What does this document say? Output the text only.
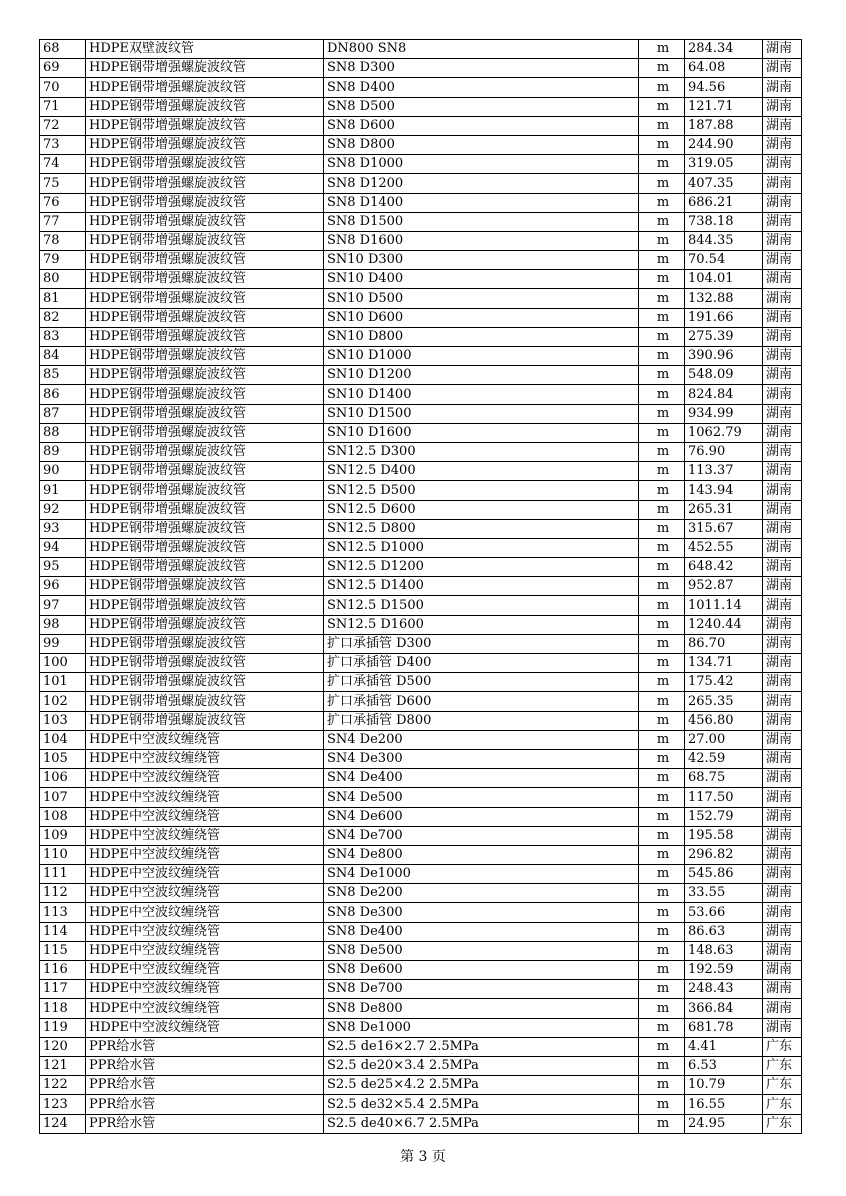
68	HDPE双壁波纹管	DN800 SN8	m	284.34	湖南
69	HDPE钢带增强螺旋波纹管	SN8 D300	m	64.08	湖南
70	HDPE钢带增强螺旋波纹管	SN8 D400	m	94.56	湖南
71	HDPE钢带增强螺旋波纹管	SN8 D500	m	121.71	湖南
72	HDPE钢带增强螺旋波纹管	SN8 D600	m	187.88	湖南
73	HDPE钢带增强螺旋波纹管	SN8 D800	m	244.90	湖南
74	HDPE钢带增强螺旋波纹管	SN8 D1000	m	319.05	湖南
75	HDPE钢带增强螺旋波纹管	SN8 D1200	m	407.35	湖南
76	HDPE钢带增强螺旋波纹管	SN8 D1400	m	686.21	湖南
77	HDPE钢带增强螺旋波纹管	SN8 D1500	m	738.18	湖南
78	HDPE钢带增强螺旋波纹管	SN8 D1600	m	844.35	湖南
79	HDPE钢带增强螺旋波纹管	SN10 D300	m	70.54	湖南
80	HDPE钢带增强螺旋波纹管	SN10 D400	m	104.01	湖南
81	HDPE钢带增强螺旋波纹管	SN10 D500	m	132.88	湖南
82	HDPE钢带增强螺旋波纹管	SN10 D600	m	191.66	湖南
83	HDPE钢带增强螺旋波纹管	SN10 D800	m	275.39	湖南
84	HDPE钢带增强螺旋波纹管	SN10 D1000	m	390.96	湖南
85	HDPE钢带增强螺旋波纹管	SN10 D1200	m	548.09	湖南
86	HDPE钢带增强螺旋波纹管	SN10 D1400	m	824.84	湖南
87	HDPE钢带增强螺旋波纹管	SN10 D1500	m	934.99	湖南
88	HDPE钢带增强螺旋波纹管	SN10 D1600	m	1062.79	湖南
89	HDPE钢带增强螺旋波纹管	SN12.5 D300	m	76.90	湖南
90	HDPE钢带增强螺旋波纹管	SN12.5 D400	m	113.37	湖南
91	HDPE钢带增强螺旋波纹管	SN12.5 D500	m	143.94	湖南
92	HDPE钢带增强螺旋波纹管	SN12.5 D600	m	265.31	湖南
93	HDPE钢带增强螺旋波纹管	SN12.5 D800	m	315.67	湖南
94	HDPE钢带增强螺旋波纹管	SN12.5 D1000	m	452.55	湖南
95	HDPE钢带增强螺旋波纹管	SN12.5 D1200	m	648.42	湖南
96	HDPE钢带增强螺旋波纹管	SN12.5 D1400	m	952.87	湖南
97	HDPE钢带增强螺旋波纹管	SN12.5 D1500	m	1011.14	湖南
98	HDPE钢带增强螺旋波纹管	SN12.5 D1600	m	1240.44	湖南
99	HDPE钢带增强螺旋波纹管	扩口承插管 D300	m	86.70	湖南
100	HDPE钢带增强螺旋波纹管	扩口承插管 D400	m	134.71	湖南
101	HDPE钢带增强螺旋波纹管	扩口承插管 D500	m	175.42	湖南
102	HDPE钢带增强螺旋波纹管	扩口承插管 D600	m	265.35	湖南
103	HDPE钢带增强螺旋波纹管	扩口承插管 D800	m	456.80	湖南
104	HDPE中空波纹缠绕管	SN4 De200	m	27.00	湖南
105	HDPE中空波纹缠绕管	SN4 De300	m	42.59	湖南
106	HDPE中空波纹缠绕管	SN4 De400	m	68.75	湖南
107	HDPE中空波纹缠绕管	SN4 De500	m	117.50	湖南
108	HDPE中空波纹缠绕管	SN4 De600	m	152.79	湖南
109	HDPE中空波纹缠绕管	SN4 De700	m	195.58	湖南
110	HDPE中空波纹缠绕管	SN4 De800	m	296.82	湖南
111	HDPE中空波纹缠绕管	SN4 De1000	m	545.86	湖南
112	HDPE中空波纹缠绕管	SN8 De200	m	33.55	湖南
113	HDPE中空波纹缠绕管	SN8 De300	m	53.66	湖南
114	HDPE中空波纹缠绕管	SN8 De400	m	86.63	湖南
115	HDPE中空波纹缠绕管	SN8 De500	m	148.63	湖南
116	HDPE中空波纹缠绕管	SN8 De600	m	192.59	湖南
117	HDPE中空波纹缠绕管	SN8 De700	m	248.43	湖南
118	HDPE中空波纹缠绕管	SN8 De800	m	366.84	湖南
119	HDPE中空波纹缠绕管	SN8 De1000	m	681.78	湖南
120	PPR给水管	S2.5 de16×2.7 2.5MPa	m	4.41	广东
121	PPR给水管	S2.5 de20×3.4 2.5MPa	m	6.53	广东
122	PPR给水管	S2.5 de25×4.2 2.5MPa	m	10.79	广东
123	PPR给水管	S2.5 de32×5.4 2.5MPa	m	16.55	广东
124	PPR给水管	S2.5 de40×6.7 2.5MPa	m	24.95	广东
第 3 页
